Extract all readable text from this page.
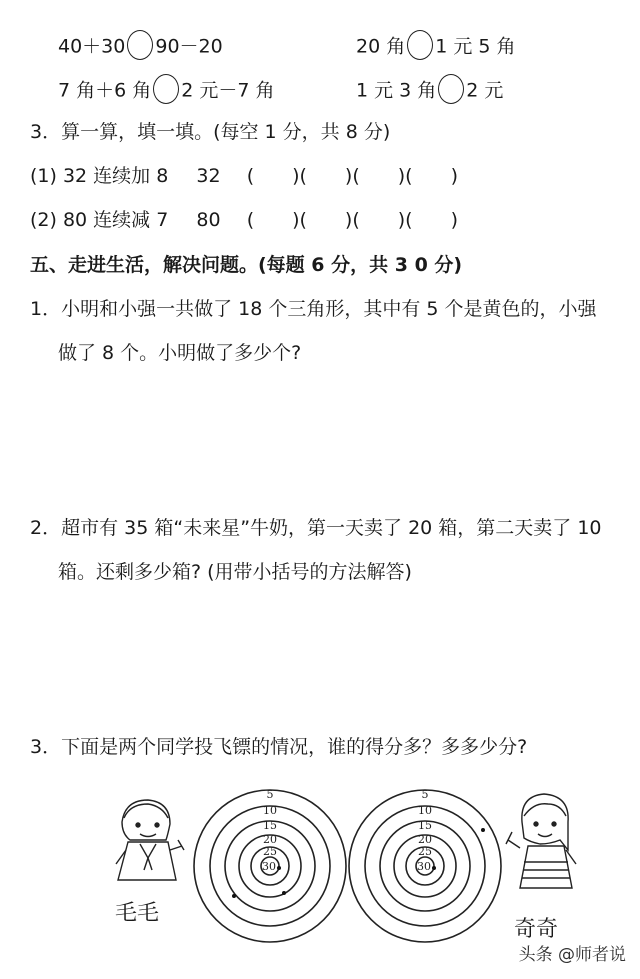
40＋30 90－20	20 角 1 元 5 角
7 角＋6 角 2 元－7 角	1 元 3 角 2 元
3．算一算，填一填。(每空 1 分，共 8 分)
(1) 32 连续加 8 32 (　　)(　　)(　　)(　　)
(2) 80 连续减 7 80 (　　)(　　)(　　)(　　)
五、走进生活，解决问题。(每题 6 分，共 3 0 分)
1．小明和小强一共做了 18 个三角形，其中有 5 个是黄色的，小强
做了 8 个。小明做了多少个?
2．超市有 35 箱“未来星”牛奶，第一天卖了 20 箱，第二天卖了 10
箱。还剩多少箱? (用带小括号的方法解答)
3．下面是两个同学投飞镖的情况，谁的得分多？多多少分?
5
10
15
20
25
30
5
10
15
20
25
30
毛毛
奇奇
头条 @师者说
